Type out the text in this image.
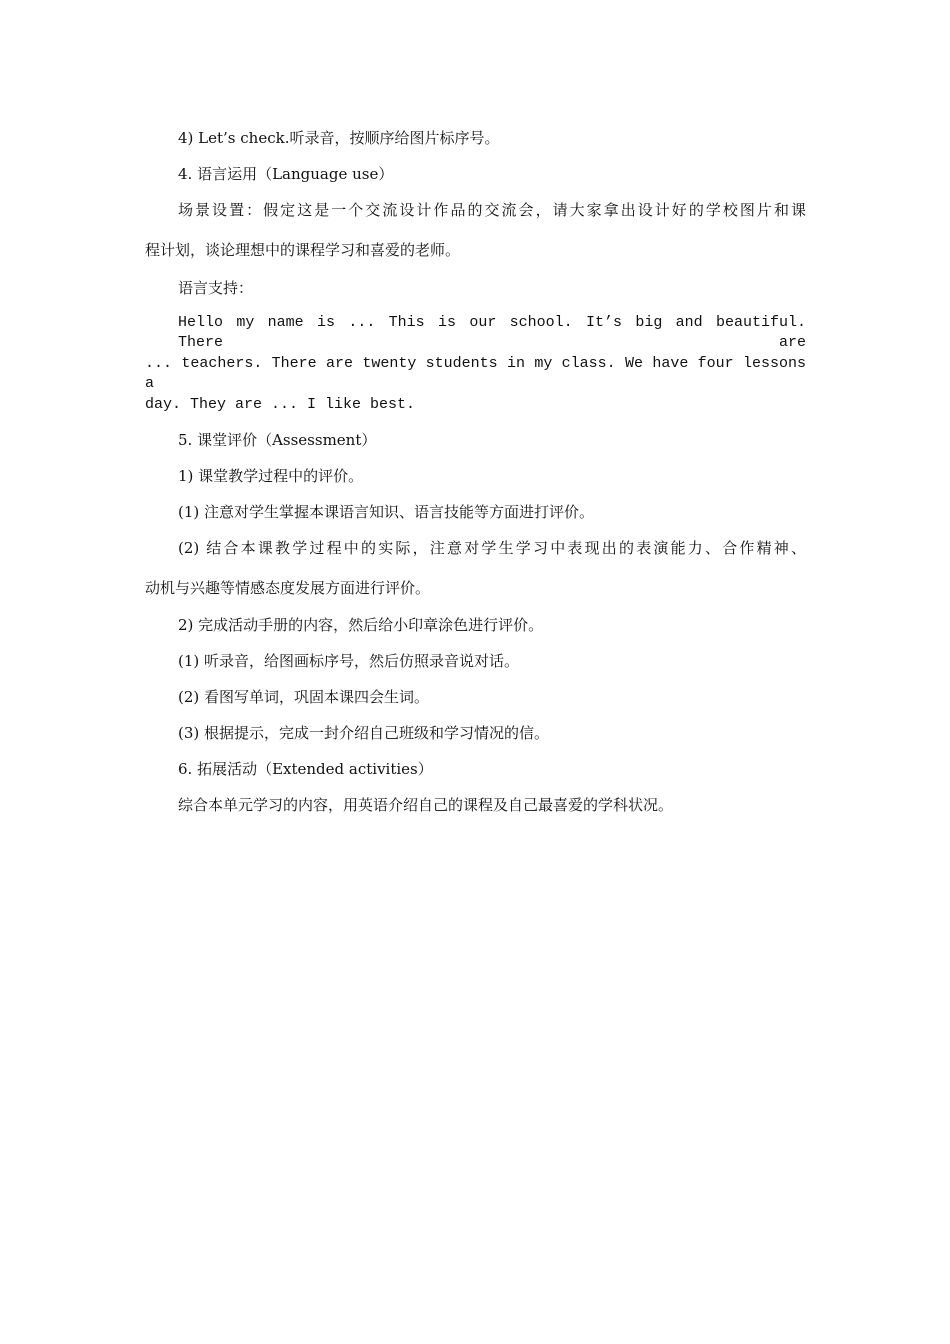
4) Let’s check.听录音，按顺序给图片标序号。
4. 语言运用（Language use）
场景设置：假定这是一个交流设计作品的交流会，请大家拿出设计好的学校图片和课
程计划，谈论理想中的课程学习和喜爱的老师。
语言支持：
Hello my name is ... This is our school. It’s big and beautiful. There are
... teachers. There are twenty students in my class. We have four lessons a
day. They are ... I like best.
5. 课堂评价（Assessment）
1) 课堂教学过程中的评价。
(1) 注意对学生掌握本课语言知识、语言技能等方面进打评价。
(2) 结合本课教学过程中的实际，注意对学生学习中表现出的表演能力、合作精神、
动机与兴趣等情感态度发展方面进行评价。
2) 完成活动手册的内容，然后给小印章涂色进行评价。
(1) 听录音，给图画标序号，然后仿照录音说对话。
(2) 看图写单词，巩固本课四会生词。
(3) 根据提示，完成一封介绍自己班级和学习情况的信。
6. 拓展活动（Extended activities）
综合本单元学习的内容，用英语介绍自己的课程及自己最喜爱的学科状况。
